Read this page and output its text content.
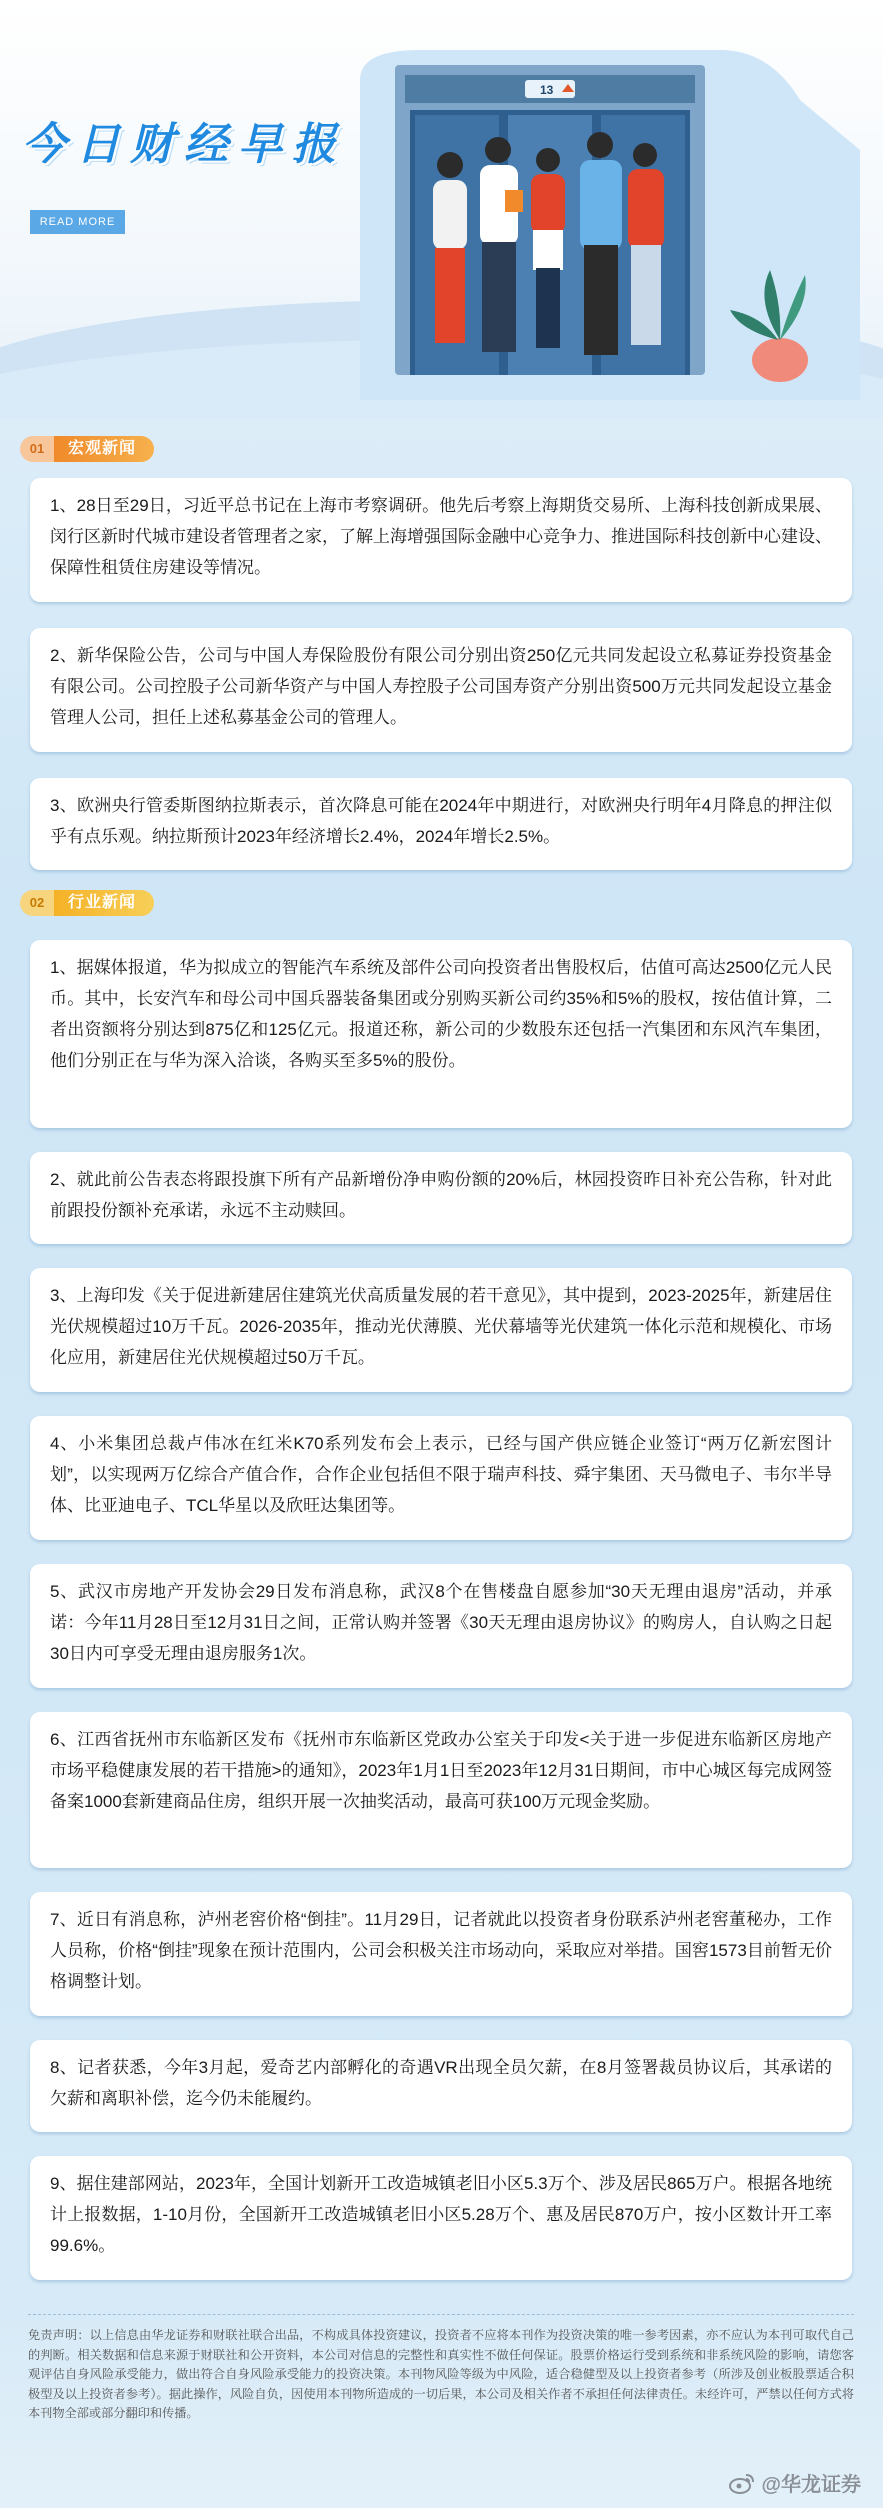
今日财经早报
READ MORE
13
01	宏观新闻
1、28日至29日，习近平总书记在上海市考察调研。他先后考察上海期货交易所、上海科技创新成果展、闵行区新时代城市建设者管理者之家，了解上海增强国际金融中心竞争力、推进国际科技创新中心建设、保障性租赁住房建设等情况。
2、新华保险公告，公司与中国人寿保险股份有限公司分别出资250亿元共同发起设立私募证券投资基金有限公司。公司控股子公司新华资产与中国人寿控股子公司国寿资产分别出资500万元共同发起设立基金管理人公司，担任上述私募基金公司的管理人。
3、欧洲央行管委斯图纳拉斯表示，首次降息可能在2024年中期进行，对欧洲央行明年4月降息的押注似乎有点乐观。纳拉斯预计2023年经济增长2.4%，2024年增长2.5%。
02	行业新闻
1、据媒体报道，华为拟成立的智能汽车系统及部件公司向投资者出售股权后，估值可高达2500亿元人民币。其中，长安汽车和母公司中国兵器装备集团或分别购买新公司约35%和5%的股权，按估值计算，二者出资额将分别达到875亿和125亿元。报道还称，新公司的少数股东还包括一汽集团和东风汽车集团，他们分别正在与华为深入洽谈，各购买至多5%的股份。
2、就此前公告表态将跟投旗下所有产品新增份净申购份额的20%后，林园投资昨日补充公告称，针对此前跟投份额补充承诺，永远不主动赎回。
3、上海印发《关于促进新建居住建筑光伏高质量发展的若干意见》，其中提到，2023-2025年，新建居住光伏规模超过10万千瓦。2026-2035年，推动光伏薄膜、光伏幕墙等光伏建筑一体化示范和规模化、市场化应用，新建居住光伏规模超过50万千瓦。
4、小米集团总裁卢伟冰在红米K70系列发布会上表示，已经与国产供应链企业签订“两万亿新宏图计划”，以实现两万亿综合产值合作，合作企业包括但不限于瑞声科技、舜宇集团、天马微电子、韦尔半导体、比亚迪电子、TCL华星以及欣旺达集团等。
5、武汉市房地产开发协会29日发布消息称，武汉8个在售楼盘自愿参加“30天无理由退房”活动，并承诺：今年11月28日至12月31日之间，正常认购并签署《30天无理由退房协议》的购房人，自认购之日起30日内可享受无理由退房服务1次。
6、江西省抚州市东临新区发布《抚州市东临新区党政办公室关于印发<关于进一步促进东临新区房地产市场平稳健康发展的若干措施>的通知》，2023年1月1日至2023年12月31日期间，市中心城区每完成网签备案1000套新建商品住房，组织开展一次抽奖活动，最高可获100万元现金奖励。
7、近日有消息称，泸州老窖价格“倒挂”。11月29日，记者就此以投资者身份联系泸州老窖董秘办，工作人员称，价格“倒挂”现象在预计范围内，公司会积极关注市场动向，采取应对举措。国窖1573目前暂无价格调整计划。
8、记者获悉，今年3月起，爱奇艺内部孵化的奇遇VR出现全员欠薪，在8月签署裁员协议后，其承诺的欠薪和离职补偿，迄今仍未能履约。
9、据住建部网站，2023年，全国计划新开工改造城镇老旧小区5.3万个、涉及居民865万户。根据各地统计上报数据，1-10月份，全国新开工改造城镇老旧小区5.28万个、惠及居民870万户，按小区数计开工率99.6%。
免责声明：以上信息由华龙证券和财联社联合出品，不构成具体投资建议，投资者不应将本刊作为投资决策的唯一参考因素，亦不应认为本刊可取代自己的判断。相关数据和信息来源于财联社和公开资料，本公司对信息的完整性和真实性不做任何保证。股票价格运行受到系统和非系统风险的影响，请您客观评估自身风险承受能力，做出符合自身风险承受能力的投资决策。本刊物风险等级为中风险，适合稳健型及以上投资者参考（所涉及创业板股票适合积极型及以上投资者参考）。据此操作，风险自负，因使用本刊物所造成的一切后果，本公司及相关作者不承担任何法律责任。未经许可，严禁以任何方式将本刊物全部或部分翻印和传播。
@华龙证券
